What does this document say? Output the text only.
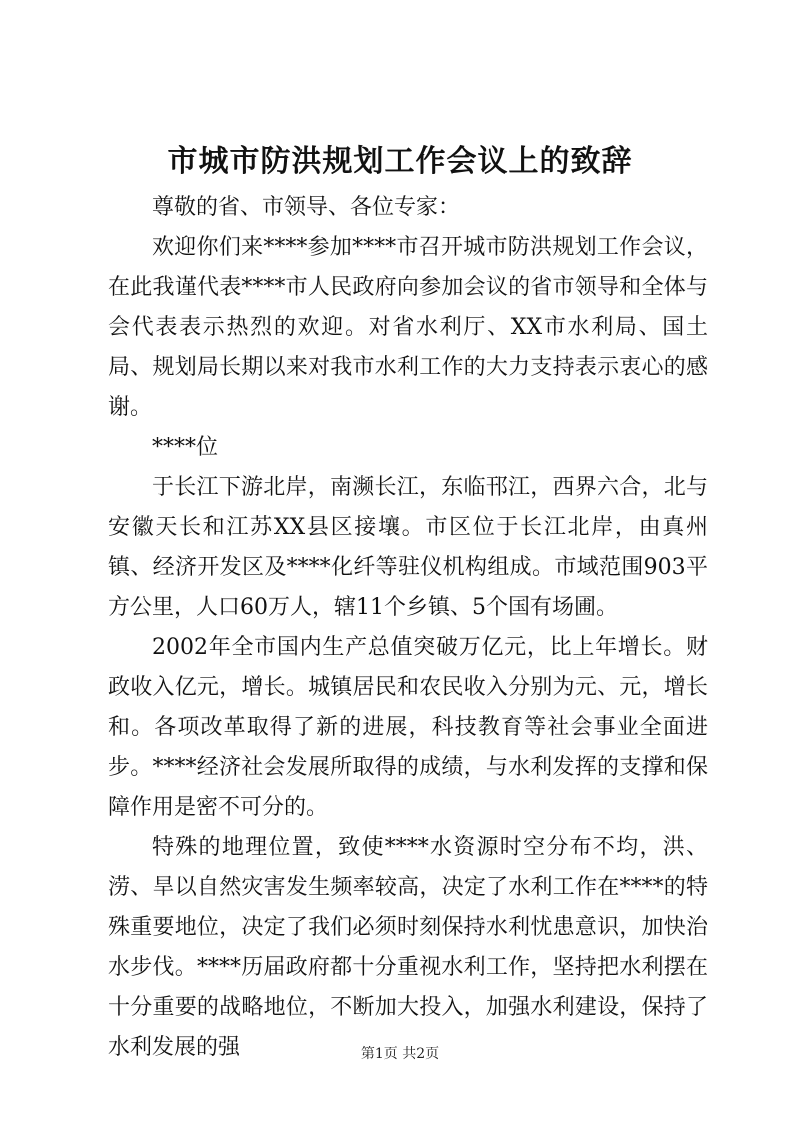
市城市防洪规划工作会议上的致辞

尊敬的省、市领导、各位专家：

欢迎你们来****参加****市召开城市防洪规划工作会议，在此我谨代表****市人民政府向参加会议的省市领导和全体与会代表表示热烈的欢迎。对省水利厅、XX市水利局、国土局、规划局长期以来对我市水利工作的大力支持表示衷心的感谢。

****位

于长江下游北岸，南濒长江，东临邗江，西界六合，北与安徽天长和江苏XX县区接壤。市区位于长江北岸，由真州镇、经济开发区及****化纤等驻仪机构组成。市域范围903平方公里，人口60万人，辖11个乡镇、5个国有场圃。

2002年全市国内生产总值突破万亿元，比上年增长。财政收入亿元，增长。城镇居民和农民收入分别为元、元，增长和。各项改革取得了新的进展，科技教育等社会事业全面进步。****经济社会发展所取得的成绩，与水利发挥的支撑和保障作用是密不可分的。

特殊的地理位置，致使****水资源时空分布不均，洪、涝、旱以自然灾害发生频率较高，决定了水利工作在****的特殊重要地位，决定了我们必须时刻保持水利忧患意识，加快治水步伐。****历届政府都十分重视水利工作，坚持把水利摆在十分重要的战略地位，不断加大投入，加强水利建设，保持了水利发展的强	第1页 共2页
